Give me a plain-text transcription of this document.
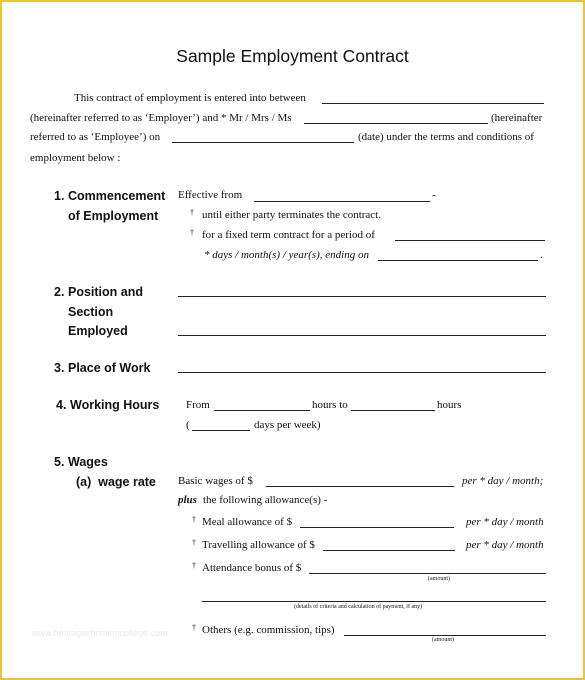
Sample Employment Contract
This contract of employment is entered into between
(hereinafter referred to as ‘Employer’) and * Mr / Mrs / Ms	(hereinafter
referred to as ‘Employee’) on	(date) under the terms and conditions of
employment below :
1. Commencement
of Employment
Effective from	-
† until either party terminates the contract.
† for a fixed term contract for a period of
* days / month(s) / year(s), ending on	.
2. Position and
Section
Employed
3. Place of Work
4. Working Hours From	hours to	hours
(	days per week)
5. Wages
(a)  wage rate Basic wages of $	per * day / month;
plus the following allowance(s) -
† Meal allowance of $	per * day / month
† Travelling allowance of $	per * day / month
† Attendance bonus of $
(amount)
(details of criteria and calculation of payment, if any)
† Others (e.g. commission, tips)
(amount)
www.heritagechristiancollege.com
